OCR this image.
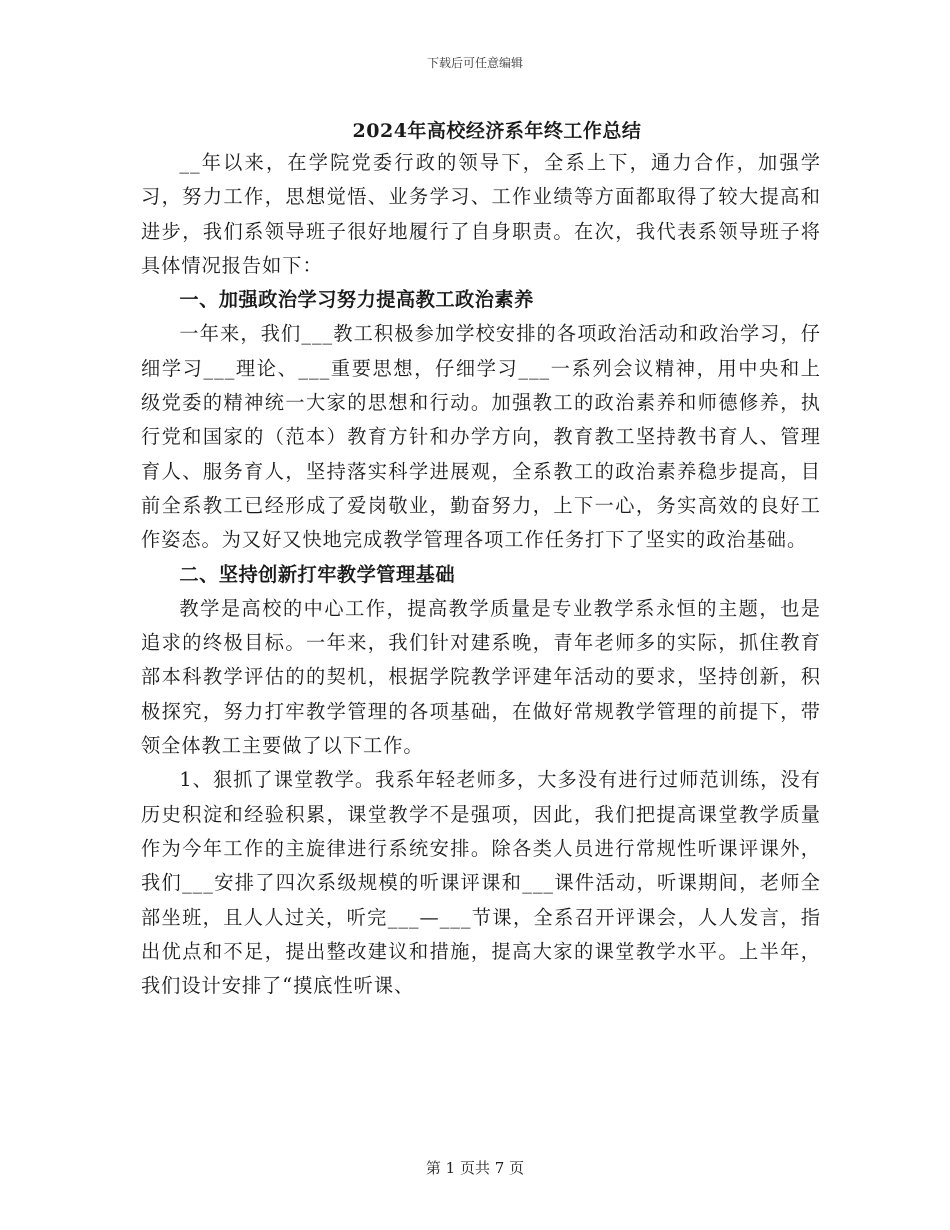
下载后可任意编辑
2024年高校经济系年终工作总结

__年以来，在学院党委行政的领导下，全系上下，通力合作，加强学习，努力工作，思想觉悟、业务学习、工作业绩等方面都取得了较大提高和进步，我们系领导班子很好地履行了自身职责。在次，我代表系领导班子将具体情况报告如下：

一、加强政治学习努力提高教工政治素养

一年来，我们___教工积极参加学校安排的各项政治活动和政治学习，仔细学习___理论、___重要思想，仔细学习___一系列会议精神，用中央和上级党委的精神统一大家的思想和行动。加强教工的政治素养和师德修养，执行党和国家的（范本）教育方针和办学方向，教育教工坚持教书育人、管理育人、服务育人，坚持落实科学进展观，全系教工的政治素养稳步提高，目前全系教工已经形成了爱岗敬业，勤奋努力，上下一心，务实高效的良好工作姿态。为又好又快地完成教学管理各项工作任务打下了坚实的政治基础。

二、坚持创新打牢教学管理基础

教学是高校的中心工作，提高教学质量是专业教学系永恒的主题，也是追求的终极目标。一年来，我们针对建系晚，青年老师多的实际，抓住教育部本科教学评估的的契机，根据学院教学评建年活动的要求，坚持创新，积极探究，努力打牢教学管理的各项基础，在做好常规教学管理的前提下，带领全体教工主要做了以下工作。

1、狠抓了课堂教学。我系年轻老师多，大多没有进行过师范训练，没有历史积淀和经验积累，课堂教学不是强项，因此，我们把提高课堂教学质量作为今年工作的主旋律进行系统安排。除各类人员进行常规性听课评课外，我们___安排了四次系级规模的听课评课和___课件活动，听课期间，老师全部坐班，且人人过关，听完___—___节课，全系召开评课会，人人发言，指出优点和不足，提出整改建议和措施，提高大家的课堂教学水平。上半年，我们设计安排了“摸底性听课、

第 1 页共 7 页
